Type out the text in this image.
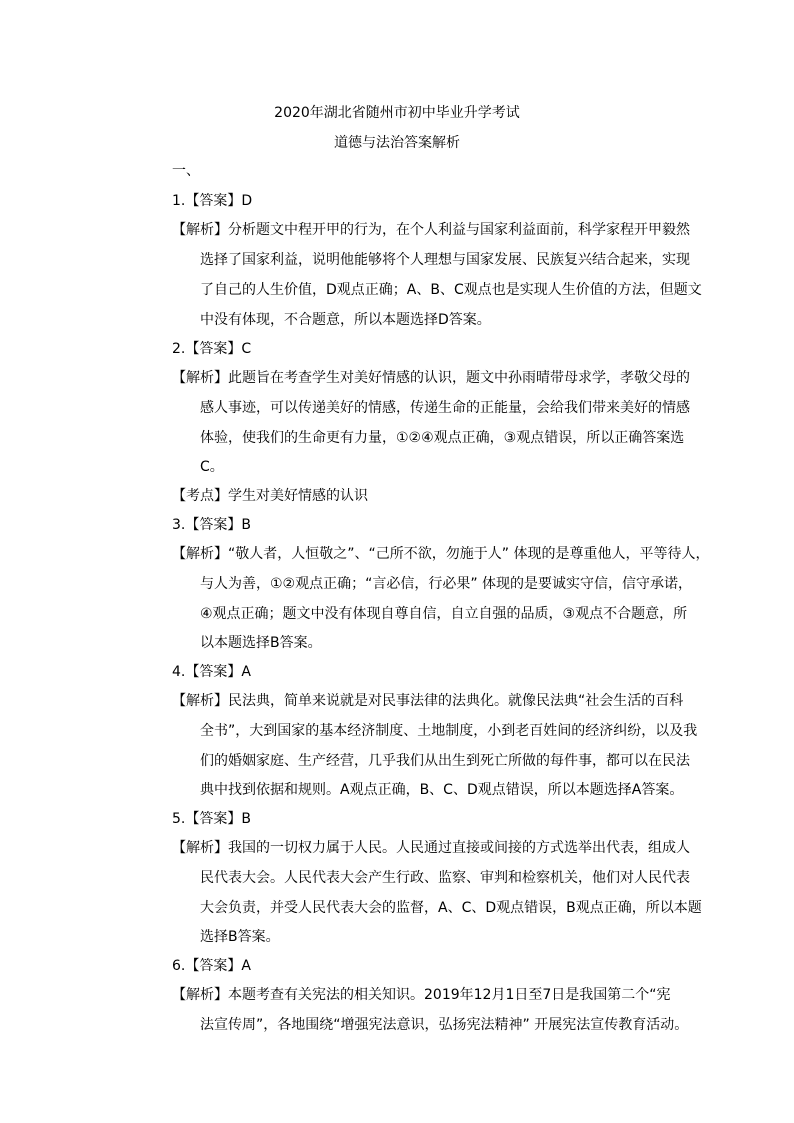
2020年湖北省随州市初中毕业升学考试
道德与法治答案解析
一、
1.【答案】D
【解析】分析题文中程开甲的行为，在个人利益与国家利益面前，科学家程开甲毅然
选择了国家利益，说明他能够将个人理想与国家发展、民族复兴结合起来，实现
了自己的人生价值，D观点正确；A、B、C观点也是实现人生价值的方法，但题文
中没有体现，不合题意，所以本题选择D答案。
2.【答案】C
【解析】此题旨在考查学生对美好情感的认识，题文中孙雨晴带母求学，孝敬父母的
感人事迹，可以传递美好的情感，传递生命的正能量，会给我们带来美好的情感
体验，使我们的生命更有力量，①②④观点正确，③观点错误，所以正确答案选
C。
【考点】学生对美好情感的认识
3.【答案】B
【解析】“敬人者，人恒敬之”、“己所不欲，勿施于人” 体现的是尊重他人，平等待人，
与人为善，①②观点正确；“言必信，行必果” 体现的是要诚实守信，信守承诺，
④观点正确；题文中没有体现自尊自信，自立自强的品质，③观点不合题意，所
以本题选择B答案。
4.【答案】A
【解析】民法典，简单来说就是对民事法律的法典化。就像民法典“社会生活的百科
全书”，大到国家的基本经济制度、土地制度，小到老百姓间的经济纠纷，以及我
们的婚姻家庭、生产经营，几乎我们从出生到死亡所做的每件事，都可以在民法
典中找到依据和规则。A观点正确，B、C、D观点错误，所以本题选择A答案。
5.【答案】B
【解析】我国的一切权力属于人民。人民通过直接或间接的方式选举出代表，组成人
民代表大会。人民代表大会产生行政、监察、审判和检察机关，他们对人民代表
大会负责，并受人民代表大会的监督，A、C、D观点错误，B观点正确，所以本题
选择B答案。
6.【答案】A
【解析】本题考查有关宪法的相关知识。2019年12月1日至7日是我国第二个“宪
法宣传周”，各地围绕“增强宪法意识，弘扬宪法精神” 开展宪法宣传教育活动。
